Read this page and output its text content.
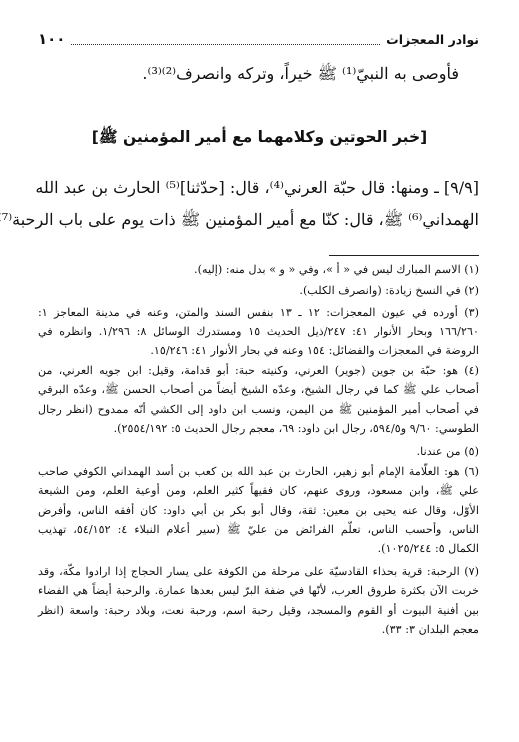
١٠٠	نوادر المعجزات
فأوصى به النبيّ⁽¹⁾ ﷺ خيراً، وتركه وانصرف⁽²⁾⁽³⁾.
[خبر الحوتين وكلامهما مع أمير المؤمنين ﷺ]
[٩/٩] ـ ومنها: قال حبّة العرني⁽⁴⁾، قال: [حدّثنا]⁽⁵⁾ الحارث بن عبد الله
الهمداني⁽⁶⁾ ﷺ، قال: كنّا مع أمير المؤمنين ﷺ ذات يوم على باب الرحبة⁽⁷
(١) الاسم المبارك ليس في « أ »، وفي « و » بدل منه: (إليه).
(٢) في النسخ زيادة: (وانصرف الكلب).
(٣) أورده في عيون المعجزات: ١٢ ـ ١٣ بنفس السند والمتن، وعنه في مدينة المعاجز ١:
١٦٦/٢٦٠ وبحار الأنوار ٤١: ٢٤٧/ذيل الحديث ١٥ ومستدرك الوسائل ٨: ١/٢٩٦. وانظره في
الروضة في المعجزات والفضائل: ١٥٤ وعنه في بحار الأنوار ٤١: ١٥/٢٤٦.
(٤) هو: حبّة بن جوين (جوير) العرني، وكنيته حبة: أبو قدامة، وقيل: ابن جويه العرني، من
أصحاب علي ﷺ كما في رجال الشيخ، وعدّه الشيخ أيضاً من أصحاب الحسن ﷺ، وعدّه البرقي
في أصحاب أمير المؤمنين ﷺ من اليمن، ونسب ابن داود إلى الكشي أنّه ممدوح (انظر رجال
الطوسي: ٩/٦٠ و٥٩٤/٥، رجال ابن داود: ٦٩، معجم رجال الحديث ٥: ٢٥٥٤/١٩٢).
(٥) من عندنا.
(٦) هو: العلّامة الإمام أبو زهير، الحارث بن عبد الله بن كعب بن أسد الهمداني الكوفي صاحب
علي ﷺ، وابن مسعود، وروى عنهم، كان فقيهاً كثير العلم، ومن أوعية العلم، ومن الشيعة
الأوّل، وقال عنه يحيى بن معين: ثقة، وقال أبو بكر بن أبي داود: كان أفقه الناس، وأفرض
الناس، وأحسب الناس، تعلّم الفرائض من عليّ ﷺ (سير أعلام النبلاء ٤: ٥٤/١٥٢، تهذيب
الكمال ٥: ١٠٢٥/٢٤٤).
(٧) الرحبة: قرية بحذاء القادسيّة على مرحلة من الكوفة على يسار الحجاج إذا ارادوا مكّة، وقد
خربت الآن بكثرة طروق العرب، لأنّها في ضفة البرّ ليس بعدها عمارة. والرحبة أيضاً هي الفضاء
بين أفنية البيوت أو القوم والمسجد، وقيل رحبة اسم، ورحبة نعت، وبلاد رحبة: واسعة (انظر
معجم البلدان ٣: ٣٣).
